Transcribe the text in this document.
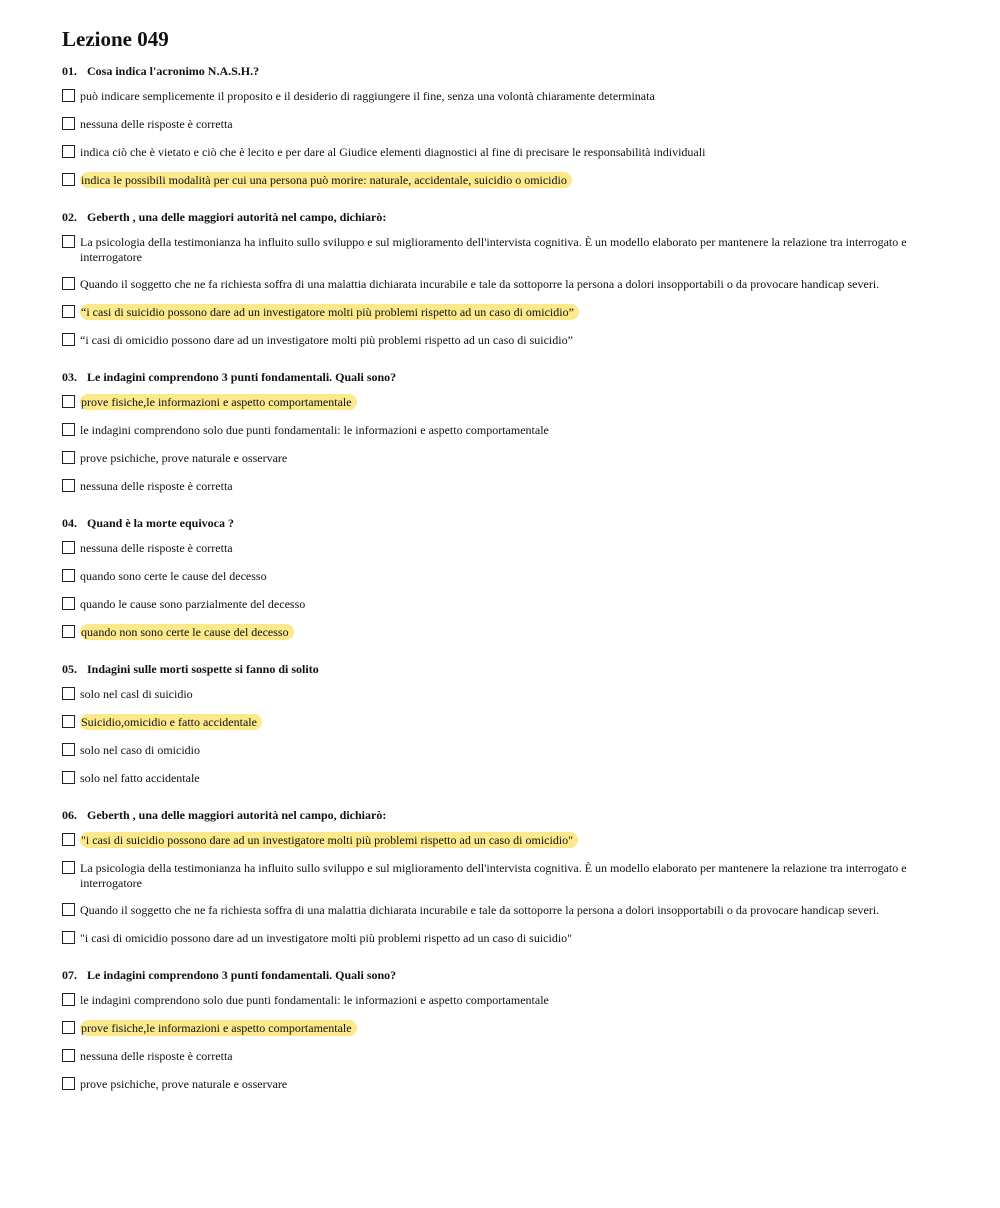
Lezione 049
01. Cosa indica l'acronimo N.A.S.H.?
può indicare semplicemente il proposito e il desiderio di raggiungere il fine, senza una volontà chiaramente determinata
nessuna delle risposte è corretta
indica ciò che è vietato e ciò che è lecito e per dare al Giudice elementi diagnostici al fine di precisare le responsabilità individuali
indica le possibili modalità per cui una persona può morire: naturale, accidentale, suicidio o omicidio
02. Geberth , una delle maggiori autorità nel campo, dichiarò:
La psicologia della testimonianza ha influito sullo sviluppo e sul miglioramento dell'intervista cognitiva. È un modello elaborato per mantenere la relazione tra interrogato e interrogatore
Quando il soggetto che ne fa richiesta soffra di una malattia dichiarata incurabile e tale da sottoporre la persona a dolori insopportabili o da provocare handicap severi.
“i casi di suicidio possono dare ad un investigatore molti più problemi rispetto ad un caso di omicidio”
“i casi di omicidio possono dare ad un investigatore molti più problemi rispetto ad un caso di suicidio”
03. Le indagini comprendono 3 punti fondamentali. Quali sono?
prove fisiche,le informazioni e aspetto comportamentale
le indagini comprendono solo due punti fondamentali: le informazioni e aspetto comportamentale
prove psichiche, prove naturale e osservare
nessuna delle risposte è corretta
04. Quand è la morte equivoca ?
nessuna delle risposte è corretta
quando sono certe le cause del decesso
quando le cause sono parzialmente del decesso
quando non sono certe le cause del decesso
05. Indagini sulle morti sospette si fanno di solito
solo nel casl di suicidio
Suicidio,omicidio e fatto accidentale
solo nel caso di omicidio
solo nel fatto accidentale
06. Geberth , una delle maggiori autorità nel campo, dichiarò:
"i casi di suicidio possono dare ad un investigatore molti più problemi rispetto ad un caso di omicidio"
La psicologia della testimonianza ha influito sullo sviluppo e sul miglioramento dell'intervista cognitiva. È un modello elaborato per mantenere la relazione tra interrogato e interrogatore
Quando il soggetto che ne fa richiesta soffra di una malattia dichiarata incurabile e tale da sottoporre la persona a dolori insopportabili o da provocare handicap severi.
"i casi di omicidio possono dare ad un investigatore molti più problemi rispetto ad un caso di suicidio"
07. Le indagini comprendono 3 punti fondamentali. Quali sono?
le indagini comprendono solo due punti fondamentali: le informazioni e aspetto comportamentale
prove fisiche,le informazioni e aspetto comportamentale
nessuna delle risposte è corretta
prove psichiche, prove naturale e osservare
